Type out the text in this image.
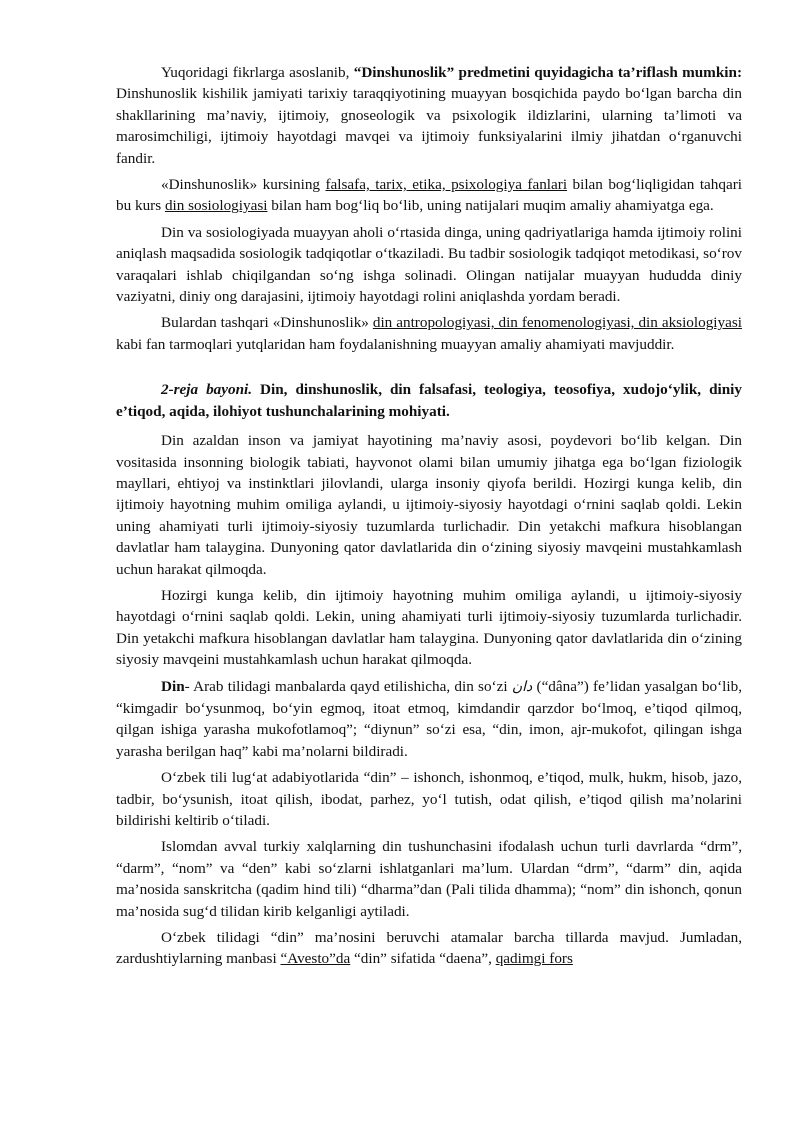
Yuqoridagi fikrlarga asoslanib, “Dinshunoslik” predmetini quyidagicha ta’riflash mumkin: Dinshunoslik kishilik jamiyati tarixiy taraqqiyotining muayyan bosqichida paydo bo‘lgan barcha din shakllarining ma’naviy, ijtimoiy, gnoseologik va psixologik ildizlarini, ularning ta’limoti va marosimchiligi, ijtimoiy hayotdagi mavqei va ijtimoiy funksiyalarini ilmiy jihatdan o‘rganuvchi fandir.

«Dinshunoslik» kursining falsafa, tarix, etika, psixologiya fanlari bilan bog‘liqligidan tahqari bu kurs din sosiologiyasi bilan ham bog‘liq bo‘lib, uning natijalari muqim amaliy ahamiyatga ega.

Din va sosiologiyada muayyan aholi o‘rtasida dinga, uning qadriyatlariga hamda ijtimoiy rolini aniqlash maqsadida sosiologik tadqiqotlar o‘tkaziladi. Bu tadbir sosiologik tadqiqot metodikasi, so‘rov varaqalari ishlab chiqilgandan so‘ng ishga solinadi. Olingan natijalar muayyan hududda diniy vaziyatni, diniy ong darajasini, ijtimoiy hayotdagi rolini aniqlashda yordam beradi.

Bulardan tashqari «Dinshunoslik» din antropologiyasi, din fenomenologiyasi, din aksiologiyasi kabi fan tarmoqlari yutqlaridan ham foydalanishning muayyan amaliy ahamiyati mavjuddir.

2-reja bayoni. Din, dinshunoslik, din falsafasi, teologiya, teosofiya, xudojo‘ylik, diniy e’tiqod, aqida, ilohiyot tushunchalarining mohiyati.

Din azaldan inson va jamiyat hayotining ma’naviy asosi, poydevori bo‘lib kelgan. Din vositasida insonning biologik tabiati, hayvonot olami bilan umumiy jihatga ega bo‘lgan fiziologik mayllari, ehtiyoj va instinktlari jilovlandi, ularga insoniy qiyofa berildi. Hozirgi kunga kelib, din ijtimoiy hayotning muhim omiliga aylandi, u ijtimoiy-siyosiy hayotdagi o‘rnini saqlab qoldi. Lekin uning ahamiyati turli ijtimoiy-siyosiy tuzumlarda turlichadir. Din yetakchi mafkura hisoblangan davlatlar ham talaygina. Dunyoning qator davlatlarida din o‘zining siyosiy mavqeini mustahkamlash uchun harakat qilmoqda.

Hozirgi kunga kelib, din ijtimoiy hayotning muhim omiliga aylandi, u ijtimoiy-siyosiy hayotdagi o‘rnini saqlab qoldi. Lekin, uning ahamiyati turli ijtimoiy-siyosiy tuzumlarda turlichadir. Din yetakchi mafkura hisoblangan davlatlar ham talaygina. Dunyoning qator davlatlarida din o‘zining siyosiy mavqeini mustahkamlash uchun harakat qilmoqda.

Din- Arab tilidagi manbalarda qayd etilishicha, din so‘zi دان (“dâna”) fe’lidan yasalgan bo‘lib, “kimgadir bo‘ysunmoq, bo‘yin egmoq, itoat etmoq, kimdandir qarzdor bo‘lmoq, e’tiqod qilmoq, qilgan ishiga yarasha mukofotlamoq”; “diynun” so‘zi esa, “din, imon, ajr-mukofot, qilingan ishga yarasha berilgan haq” kabi ma’nolarni bildiradi.

O‘zbek tili lug‘at adabiyotlarida “din” – ishonch, ishonmoq, e’tiqod, mulk, hukm, hisob, jazo, tadbir, bo‘ysunish, itoat qilish, ibodat, parhez, yo‘l tutish, odat qilish, e’tiqod qilish ma’nolarini bildirishi keltirib o‘tiladi.

Islomdan avval turkiy xalqlarning din tushunchasini ifodalash uchun turli davrlarda “drm”, “darm”, “nom” va “den” kabi so‘zlarni ishlatganlari ma’lum. Ulardan “drm”, “darm” din, aqida ma’nosida sanskritcha (qadim hind tili) “dharma”dan (Pali tilida dhamma); “nom” din ishonch, qonun ma’nosida sug‘d tilidan kirib kelganligi aytiladi.

O‘zbek tilidagi “din” ma’nosini beruvchi atamalar barcha tillarda mavjud. Jumladan, zardushtiylarning manbasi “Avesto”da “din” sifatida “daena”, qadimgi fors
